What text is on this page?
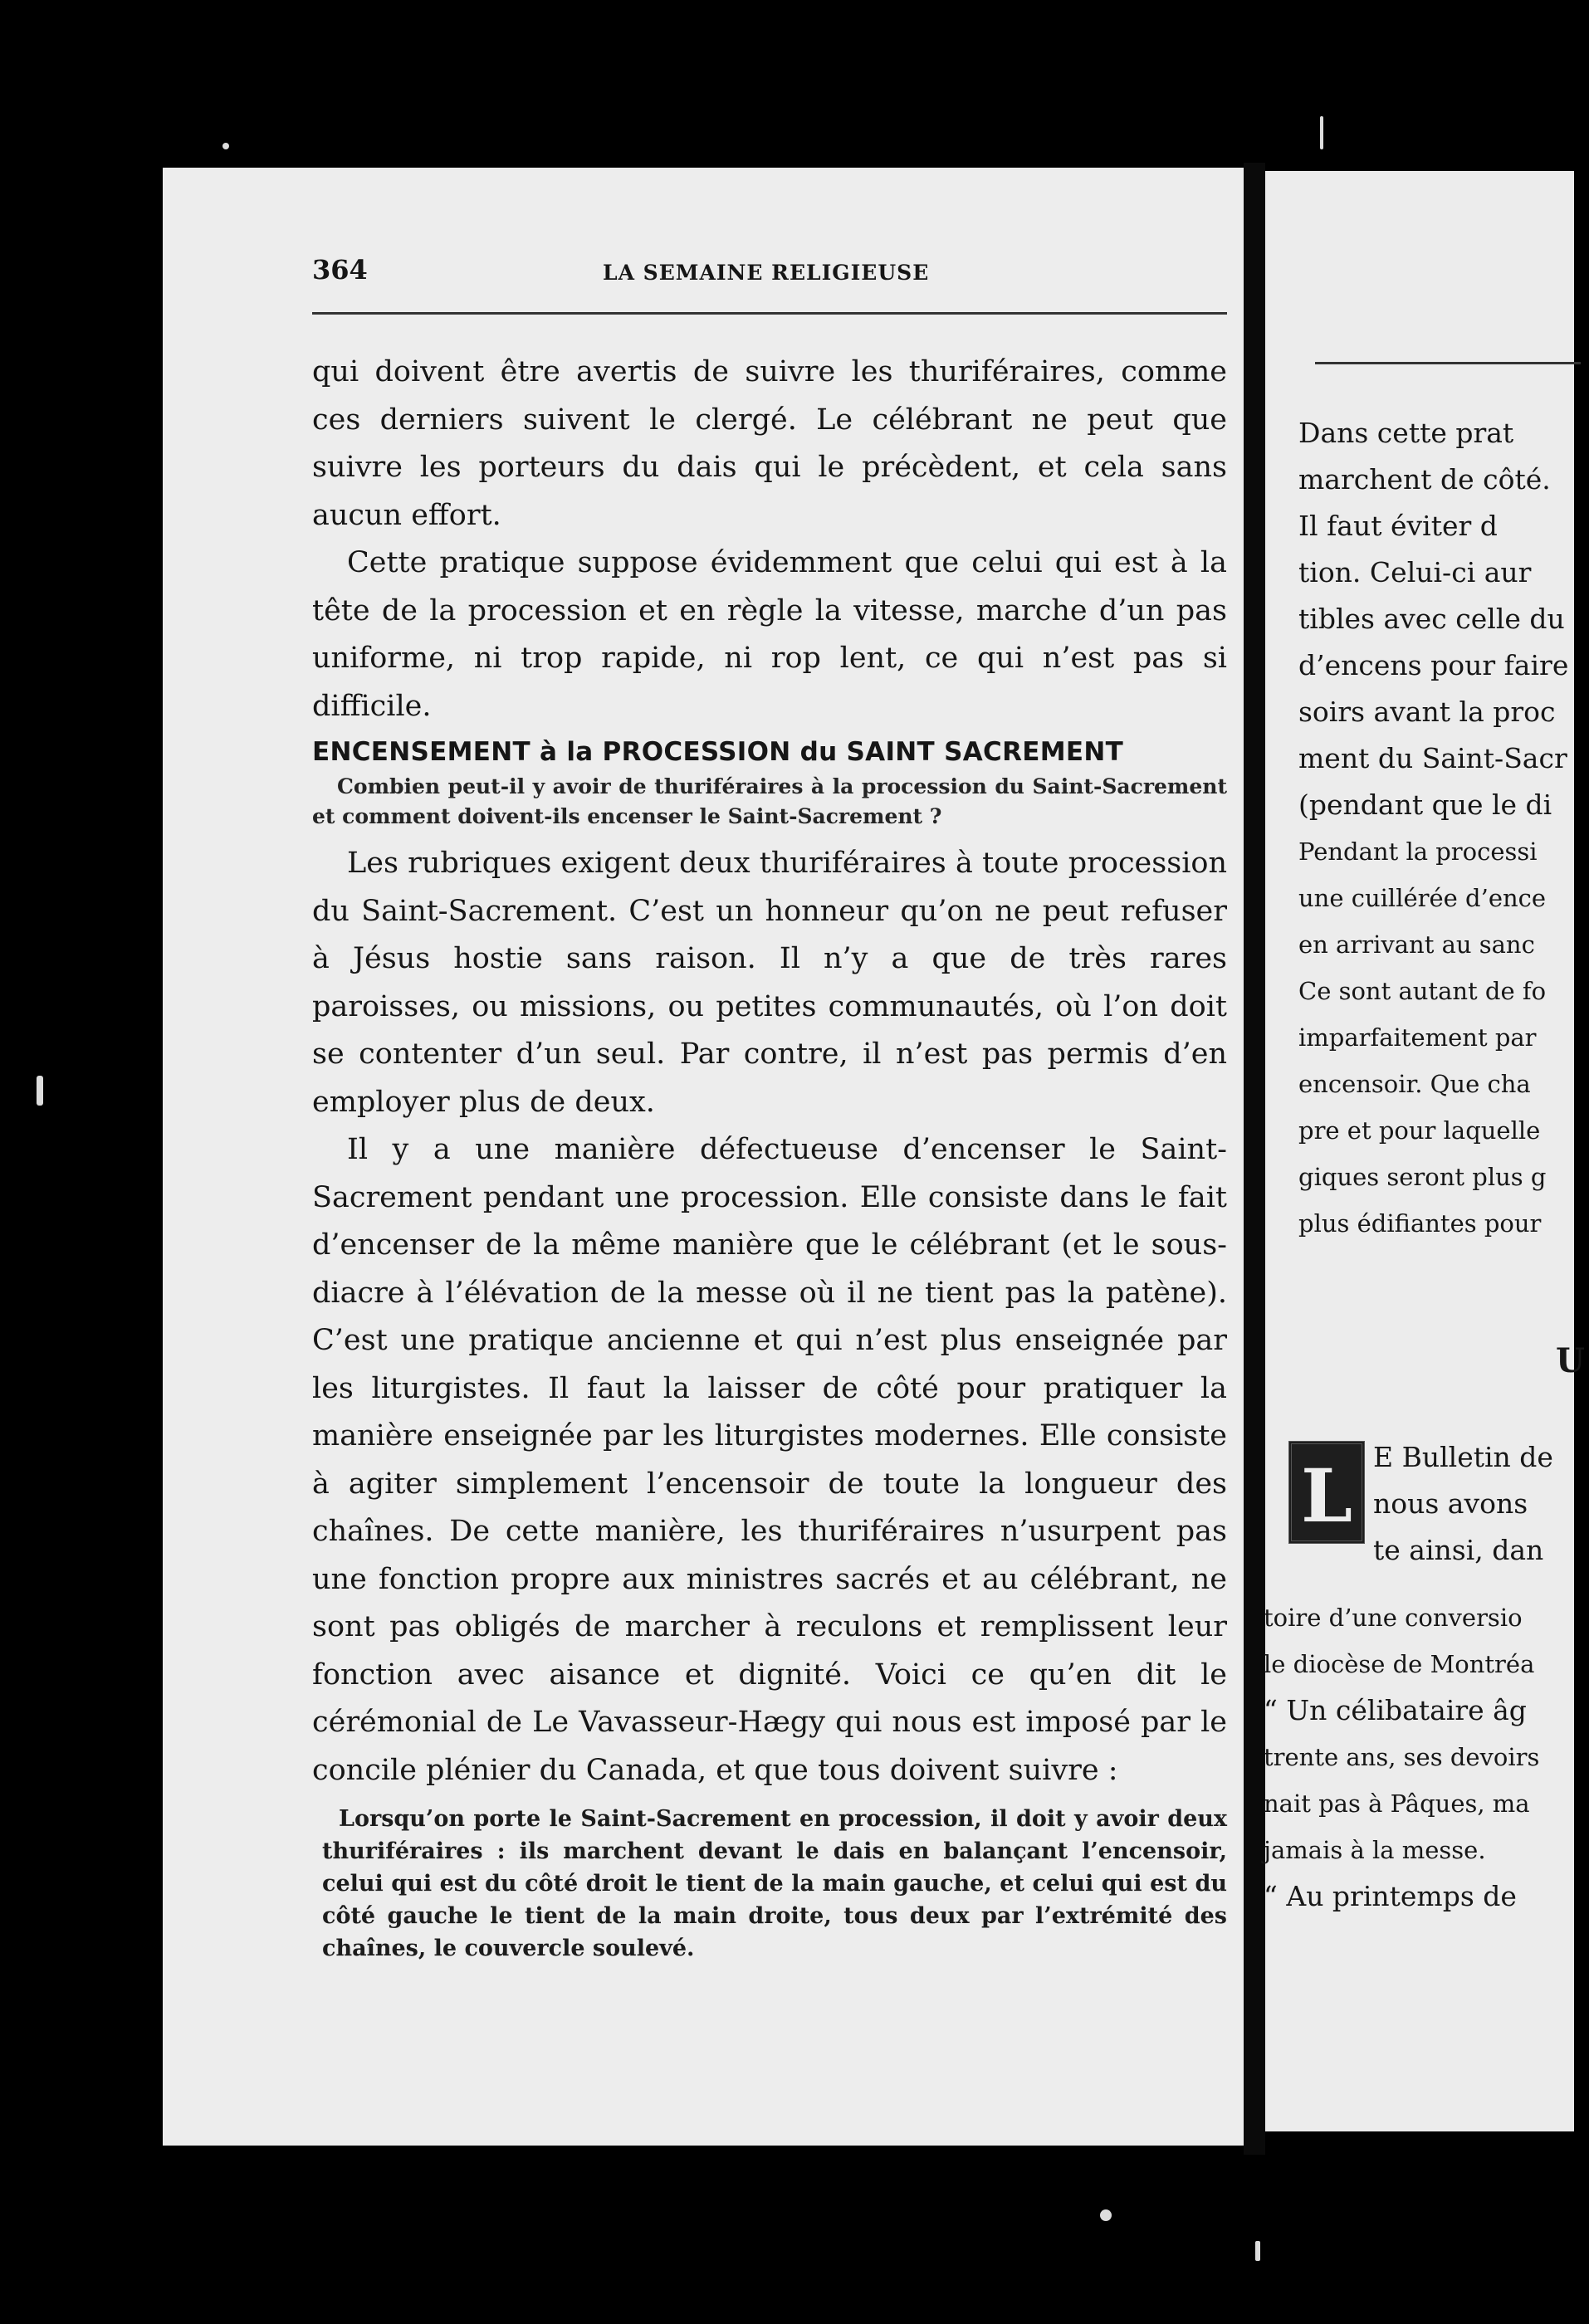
364	LA SEMAINE RELIGIEUSE

qui doivent être avertis de suivre les thuriféraires, comme ces derniers suivent le clergé. Le célébrant ne peut que suivre les porteurs du dais qui le précèdent, et cela sans aucun effort.

Cette pratique suppose évidemment que celui qui est à la tête de la procession et en règle la vitesse, marche d’un pas uniforme, ni trop rapide, ni rop lent, ce qui n’est pas si difficile.

ENCENSEMENT à la PROCESSION du SAINT SACREMENT

Combien peut-il y avoir de thuriféraires à la procession du Saint-Sacrement et comment doivent-ils encenser le Saint-Sacrement ?

Les rubriques exigent deux thuriféraires à toute procession du Saint-Sacrement. C’est un honneur qu’on ne peut refuser à Jésus hostie sans raison. Il n’y a que de très rares paroisses, ou missions, ou petites communautés, où l’on doit se contenter d’un seul. Par contre, il n’est pas permis d’en employer plus de deux.

Il y a une manière défectueuse d’encenser le Saint-Sacrement pendant une procession. Elle consiste dans le fait d’encenser de la même manière que le célébrant (et le sous-diacre à l’élévation de la messe où il ne tient pas la patène). C’est une pratique ancienne et qui n’est plus enseignée par les liturgistes. Il faut la laisser de côté pour pratiquer la manière enseignée par les liturgistes modernes. Elle consiste à agiter simplement l’encensoir de toute la longueur des chaînes. De cette manière, les thuriféraires n’usurpent pas une fonction propre aux ministres sacrés et au célébrant, ne sont pas obligés de marcher à reculons et remplissent leur fonction avec aisance et dignité. Voici ce qu’en dit le cérémonial de Le Vavasseur-Hægy qui nous est imposé par le concile plénier du Canada, et que tous doivent suivre :

Lorsqu’on porte le Saint-Sacrement en procession, il doit y avoir deux thuriféraires : ils marchent devant le dais en balançant l’encensoir, celui qui est du côté droit le tient de la main gauche, et celui qui est du côté gauche le tient de la main droite, tous deux par l’extrémité des chaînes, le couvercle soulevé.

Dans cette prat

marchent de côté.

Il faut éviter d

tion. Celui-ci aur

tibles avec celle du

d’encens pour faire

soirs avant la proc

ment du Saint-Sacr

(pendant que le di

Pendant la processi

une cuillérée d’ence

en arrivant au sanc

Ce sont autant de fo

imparfaitement par

encensoir. Que cha

pre et pour laquelle

giques seront plus g

plus édifiantes pour

U
L E Bulletin de

nous avons

te ainsi, dan

toire d’une conversio

le diocèse de Montréa

“ Un célibataire âg

trente ans, ses devoirs

nait pas à Pâques, ma

jamais à la messe.

“ Au printemps de
